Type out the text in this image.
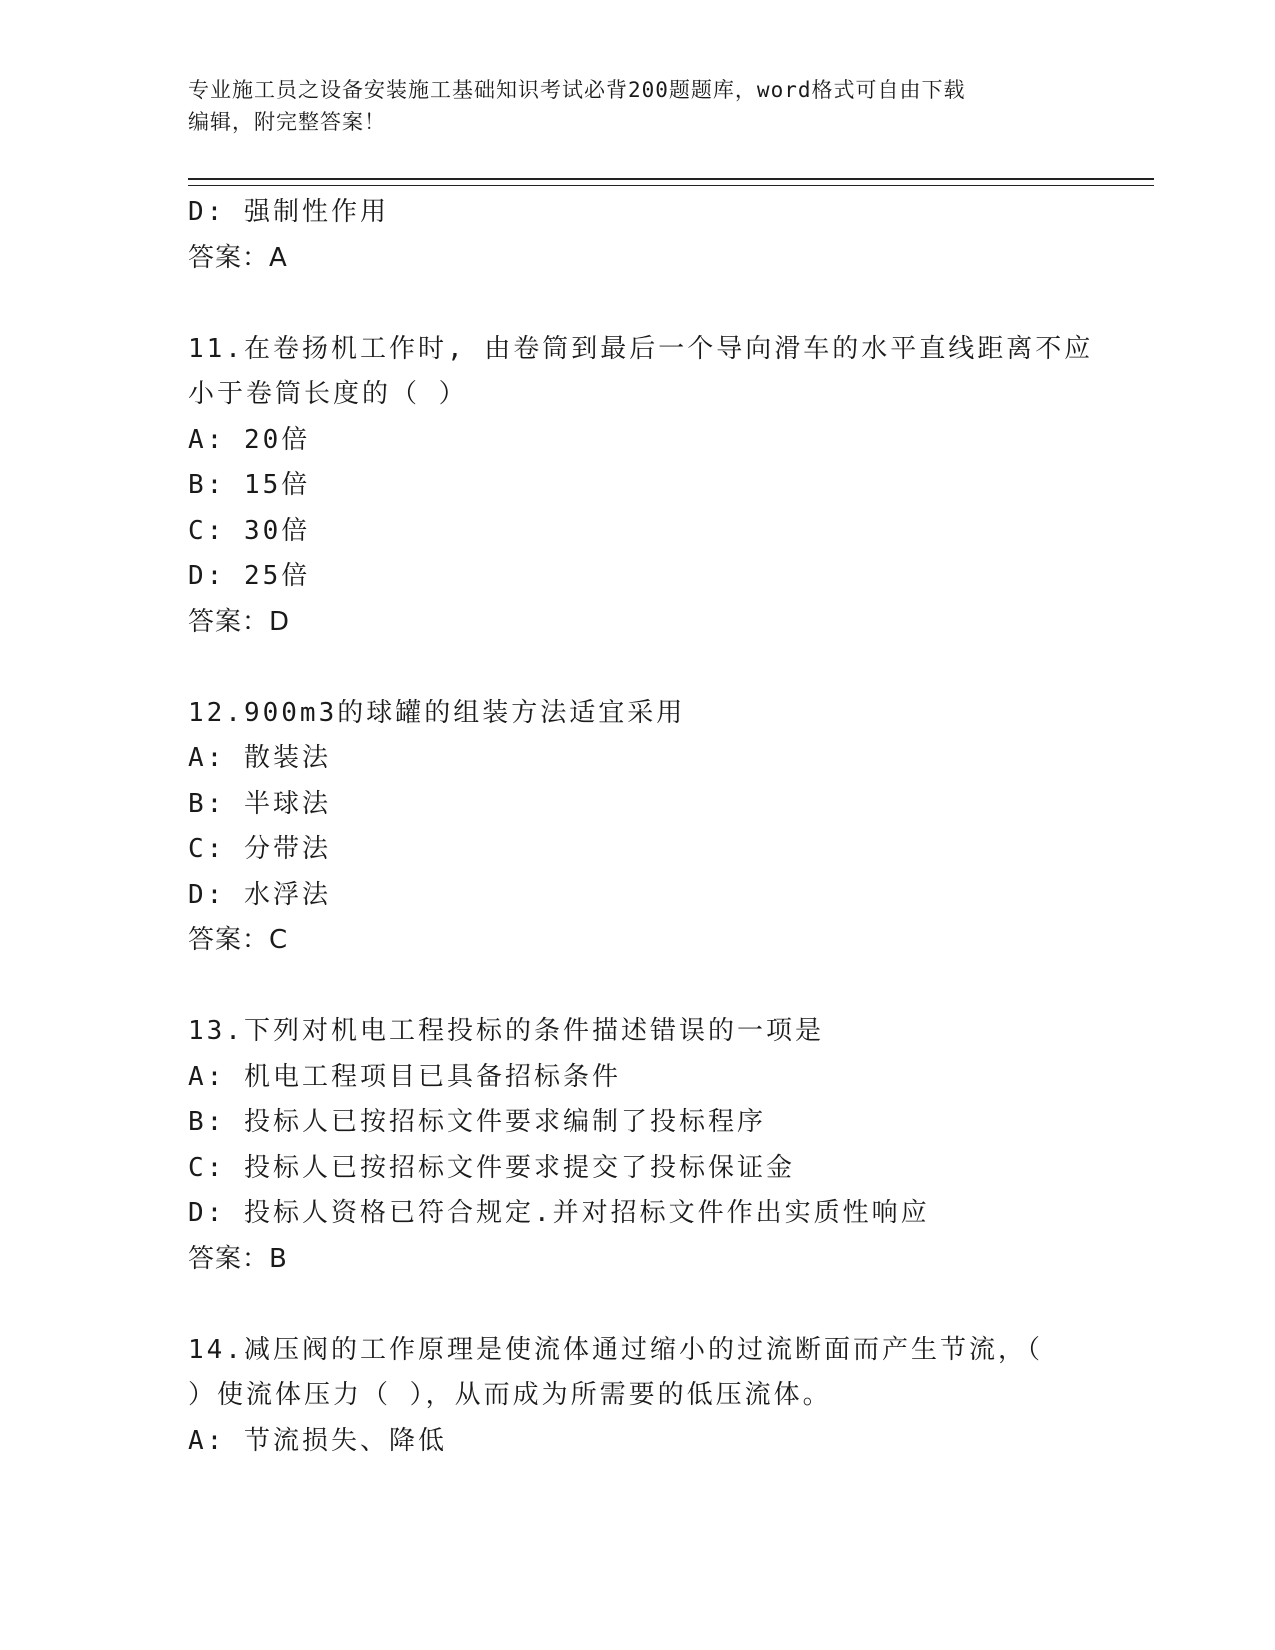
专业施工员之设备安装施工基础知识考试必背200题题库，word格式可自由下载
编辑，附完整答案！
D: 强制性作用
答案：A
11.在卷扬机工作时, 由卷筒到最后一个导向滑车的水平直线距离不应
小于卷筒长度的（ ）
A: 20倍
B: 15倍
C: 30倍
D: 25倍
答案：D
12.900m3的球罐的组装方法适宜采用
A: 散装法
B: 半球法
C: 分带法
D: 水浮法
答案：C
13.下列对机电工程投标的条件描述错误的一项是
A: 机电工程项目已具备招标条件
B: 投标人已按招标文件要求编制了投标程序
C: 投标人已按招标文件要求提交了投标保证金
D: 投标人资格已符合规定.并对招标文件作出实质性响应
答案：B
14.减压阀的工作原理是使流体通过缩小的过流断面而产生节流，（
）使流体压力（ ），从而成为所需要的低压流体。
A: 节流损失、降低
